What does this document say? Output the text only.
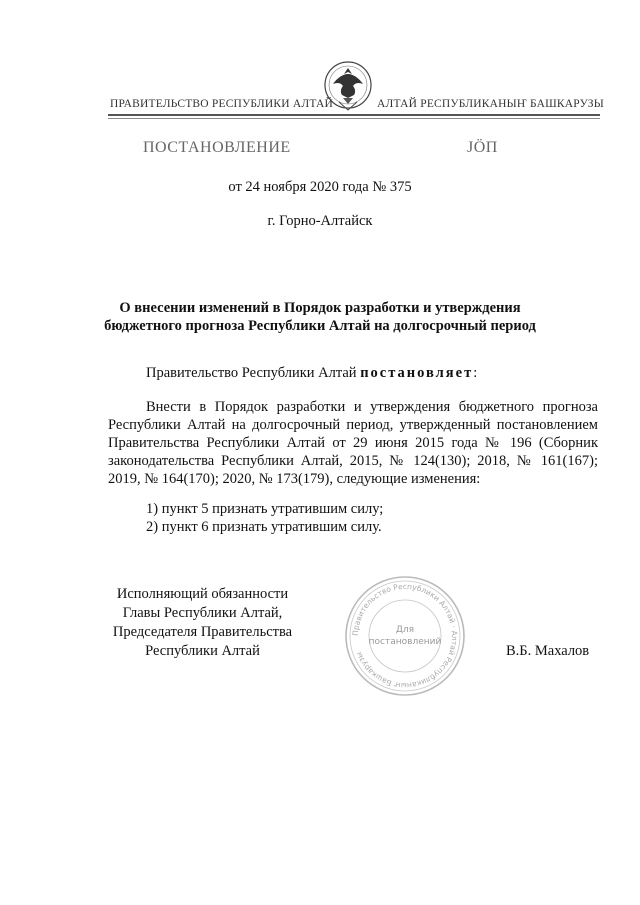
ПРАВИТЕЛЬСТВО РЕСПУБЛИКИ АЛТАЙ	АЛТАЙ РЕСПУБЛИКАНЫҤ БАШКАРУЗЫ
ПОСТАНОВЛЕНИЕ	ЈÖП
от 24 ноября 2020 года № 375
г. Горно-Алтайск
О внесении изменений в Порядок разработки и утверждения
бюджетного прогноза Республики Алтай на долгосрочный период
Правительство Республики Алтай постановляет:
Внести в Порядок разработки и утверждения бюджетного прогноза Республики Алтай на долгосрочный период, утвержденный постановлением Правительства Республики Алтай от 29 июня 2015 года № 196 (Сборник законодательства Республики Алтай, 2015, № 124(130); 2018, № 161(167); 2019, № 164(170); 2020, № 173(179), следующие изменения:
1) пункт 5 признать утратившим силу;
2) пункт 6 признать утратившим силу.
Исполняющий обязанности
Главы Республики Алтай,
Председателя Правительства
Республики Алтай	В.Б. Махалов
Правительство Республики Алтай · Алтай Республиканыҥ Башкарузы
Для
постановлений
